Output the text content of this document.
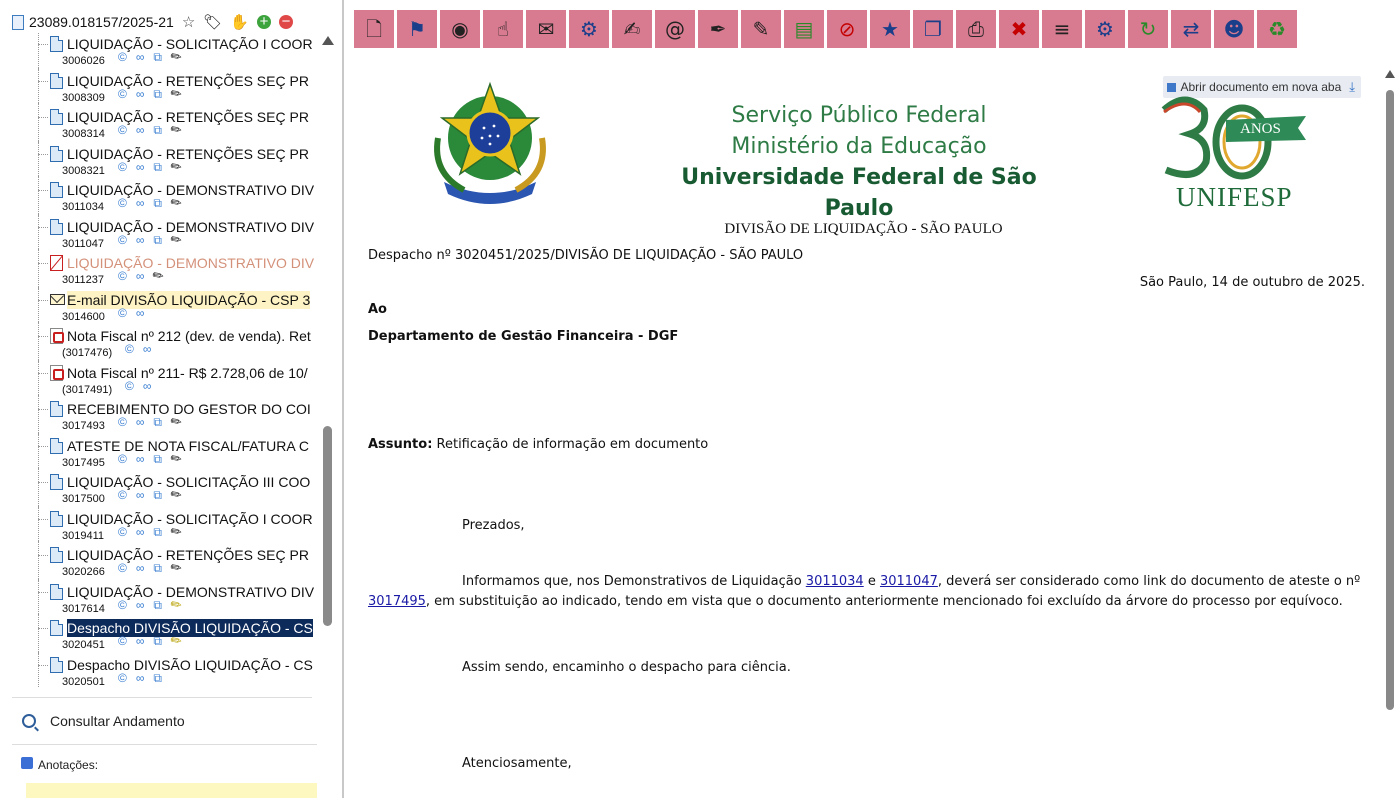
23089.018157/2025-21 ☆ 🏷 ✋ + −
LIQUIDAÇÃO - SOLICITAÇÃO I COOR
3006026 © ∞ ⧉ ✎
LIQUIDAÇÃO - RETENÇÕES SEÇ PR
3008309 © ∞ ⧉ ✎
LIQUIDAÇÃO - RETENÇÕES SEÇ PR
3008314 © ∞ ⧉ ✎
LIQUIDAÇÃO - RETENÇÕES SEÇ PR
3008321 © ∞ ⧉ ✎
LIQUIDAÇÃO - DEMONSTRATIVO DIV
3011034 © ∞ ⧉ ✎
LIQUIDAÇÃO - DEMONSTRATIVO DIV
3011047 © ∞ ⧉ ✎
LIQUIDAÇÃO - DEMONSTRATIVO DIV
3011237 © ∞ ✎
E-mail DIVISÃO LIQUIDAÇÃO - CSP 3
3014600 © ∞
Nota Fiscal nº 212 (dev. de venda). Ret
(3017476) © ∞
Nota Fiscal nº 211- R$ 2.728,06 de 10/
(3017491) © ∞
RECEBIMENTO DO GESTOR DO COI
3017493 © ∞ ⧉ ✎
ATESTE DE NOTA FISCAL/FATURA C
3017495 © ∞ ⧉ ✎
LIQUIDAÇÃO - SOLICITAÇÃO III COO
3017500 © ∞ ⧉ ✎
LIQUIDAÇÃO - SOLICITAÇÃO I COOR
3019411 © ∞ ⧉ ✎
LIQUIDAÇÃO - RETENÇÕES SEÇ PR
3020266 © ∞ ⧉ ✎
LIQUIDAÇÃO - DEMONSTRATIVO DIV
3017614 © ∞ ⧉ ✎
Despacho DIVISÃO LIQUIDAÇÃO - CS
3020451 © ∞ ⧉ ✎
Despacho DIVISÃO LIQUIDAÇÃO - CS
3020501 © ∞ ⧉
Consultar Andamento
Anotações:
🗋 ⚑ ◉ ☝ ✉ ⚙ ✍ @ ✒ ✎ ▤ ⊘ ★ ❐ ⎙ ✖ ≡ ⚙ ↻ ⇄ ☻ ♻
Abrir documento em nova aba ⤓
Serviço Público Federal
Ministério da Educação
Universidade Federal de São Paulo
ANOS
UNIFESP
DIVISÃO DE LIQUIDAÇÃO - SÃO PAULO
Despacho nº 3020451/2025/DIVISÃO DE LIQUIDAÇÃO - SÃO PAULO
São Paulo, 14 de outubro de 2025.
Ao
Departamento de Gestão Financeira - DGF
Assunto: Retificação de informação em documento
Prezados,
Informamos que, nos Demonstrativos de Liquidação 3011034 e 3011047, deverá ser considerado como link do documento de ateste o nº 3017495, em substituição ao indicado, tendo em vista que o documento anteriormente mencionado foi excluído da árvore do processo por equívoco.
Assim sendo, encaminho o despacho para ciência.
Atenciosamente,
